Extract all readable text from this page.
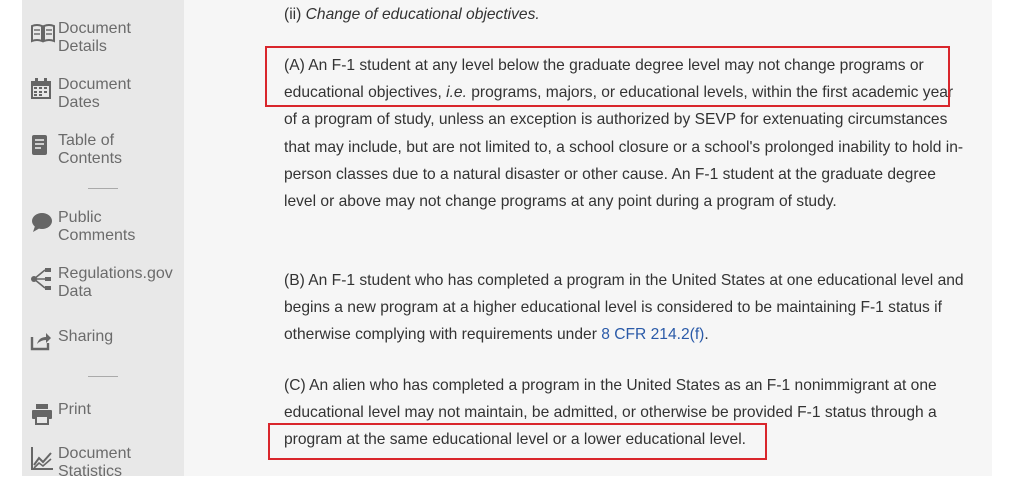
Document
Details
Document
Dates
Table of
Contents
Public
Comments
Regulations.gov
Data
Sharing
Print
Document
Statistics
(ii) Change of educational objectives.
(A) An F-1 student at any level below the graduate degree level may not change programs or educational objectives, i.e. programs, majors, or educational levels, within the first academic year of a program of study, unless an exception is authorized by SEVP for extenuating circumstances that may include, but are not limited to, a school closure or a school's prolonged inability to hold in-person classes due to a natural disaster or other cause. An F-1 student at the graduate degree level or above may not change programs at any point during a program of study.
(B) An F-1 student who has completed a program in the United States at one educational level and begins a new program at a higher educational level is considered to be maintaining F-1 status if otherwise complying with requirements under 8 CFR 214.2(f).
(C) An alien who has completed a program in the United States as an F-1 nonimmigrant at one educational level may not maintain, be admitted, or otherwise be provided F-1 status through a program at the same educational level or a lower educational level.
